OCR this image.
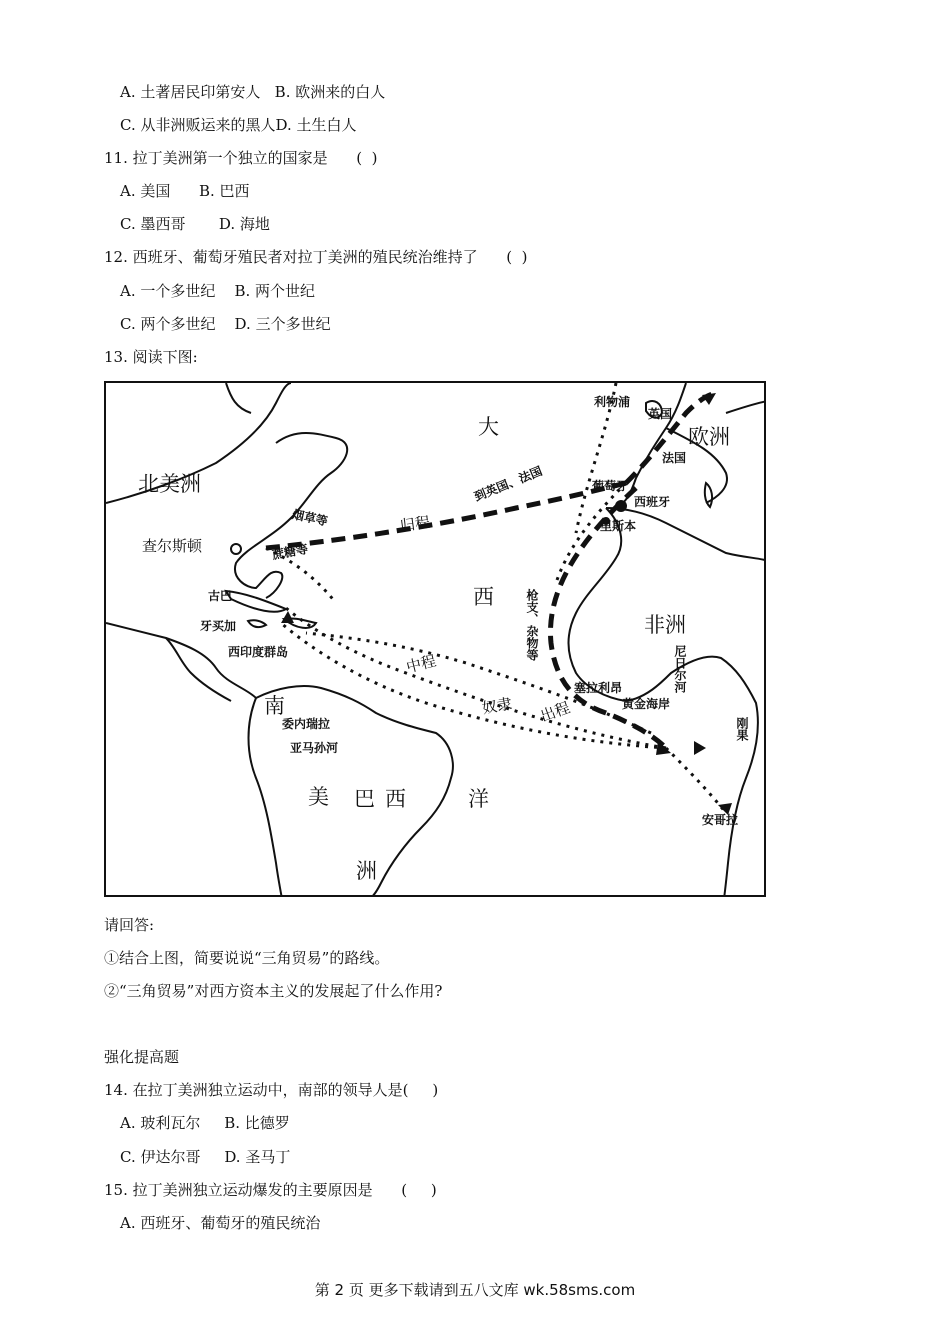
A. 土著居民印第安人   B. 欧洲来的白人
C. 从非洲贩运来的黑人D. 土生白人
11. 拉丁美洲第一个独立的国家是      (  )
A. 美国      B. 巴西
C. 墨西哥       D. 海地
12. 西班牙、葡萄牙殖民者对拉丁美洲的殖民统治维持了      (  )
A. 一个多世纪    B. 两个世纪
C. 两个多世纪    D. 三个多世纪
13. 阅读下图:
大
西
洋
北美洲
欧洲
非洲
南
美
洲
巴西
利物浦
英国
法国
葡萄牙
西班牙
里斯本
查尔斯顿
古巴
牙买加
西印度群岛
委内瑞拉
亚马孙河
烟草等
蔗糖等
归程
到英国、法国
中程
奴隶 出程
枪支、杂物等
塞拉利昂
黄金海岸
尼日尔河
刚果
安哥拉
请回答:
①结合上图，简要说说“三角贸易”的路线。
②“三角贸易”对西方资本主义的发展起了什么作用?
强化提高题
14. 在拉丁美洲独立运动中，南部的领导人是(     )
A. 玻利瓦尔     B. 比德罗
C. 伊达尔哥     D. 圣马丁
15. 拉丁美洲独立运动爆发的主要原因是      (     )
A. 西班牙、葡萄牙的殖民统治
第 2 页 更多下载请到五八文库 wk.58sms.com
